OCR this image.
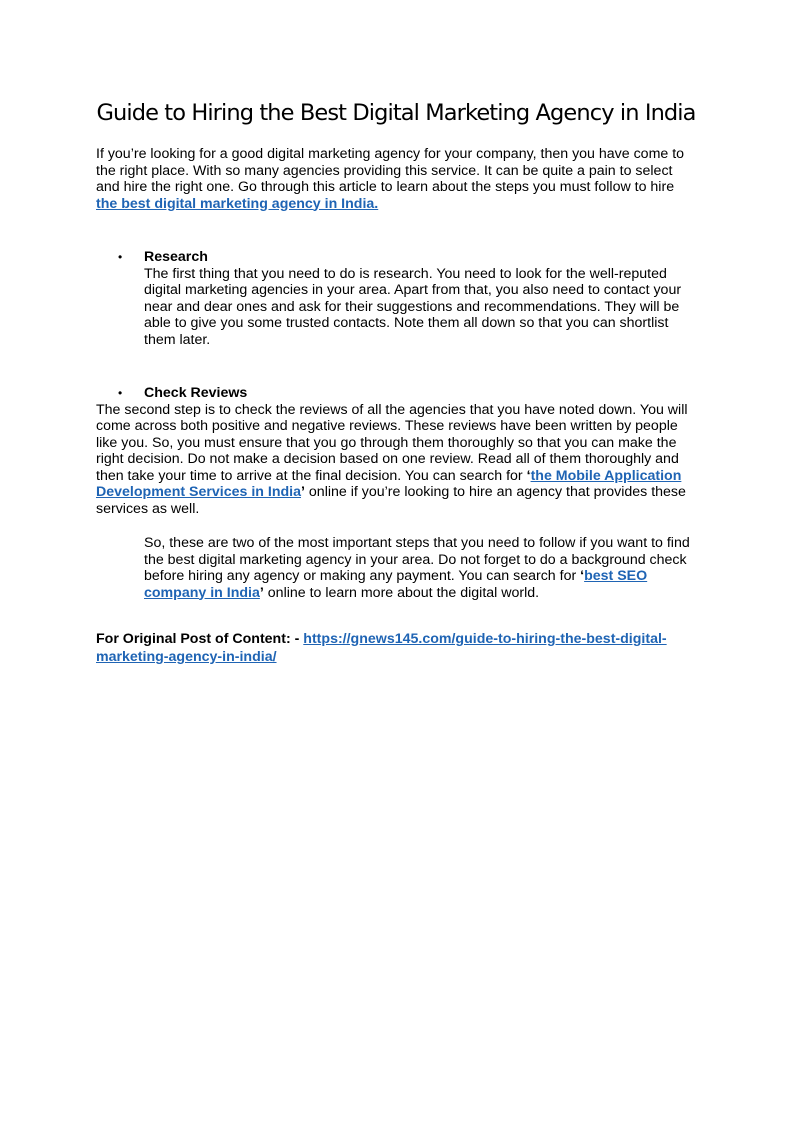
Guide to Hiring the Best Digital Marketing Agency in India

If you’re looking for a good digital marketing agency for your company, then you have come to the right place. With so many agencies providing this service. It can be quite a pain to select and hire the right one. Go through this article to learn about the steps you must follow to hire the best digital marketing agency in India.

• Research
The first thing that you need to do is research. You need to look for the well-reputed digital marketing agencies in your area. Apart from that, you also need to contact your near and dear ones and ask for their suggestions and recommendations. They will be able to give you some trusted contacts. Note them all down so that you can shortlist them later.
• Check Reviews

The second step is to check the reviews of all the agencies that you have noted down. You will come across both positive and negative reviews. These reviews have been written by people like you. So, you must ensure that you go through them thoroughly so that you can make the right decision. Do not make a decision based on one review. Read all of them thoroughly and then take your time to arrive at the final decision. You can search for ‘the Mobile Application Development Services in India’ online if you’re looking to hire an agency that provides these services as well.

So, these are two of the most important steps that you need to follow if you want to find the best digital marketing agency in your area. Do not forget to do a background check before hiring any agency or making any payment. You can search for ‘best SEO company in India’ online to learn more about the digital world.

For Original Post of Content: - https://gnews145.com/guide-to-hiring-the-best-digital-marketing-agency-in-india/
